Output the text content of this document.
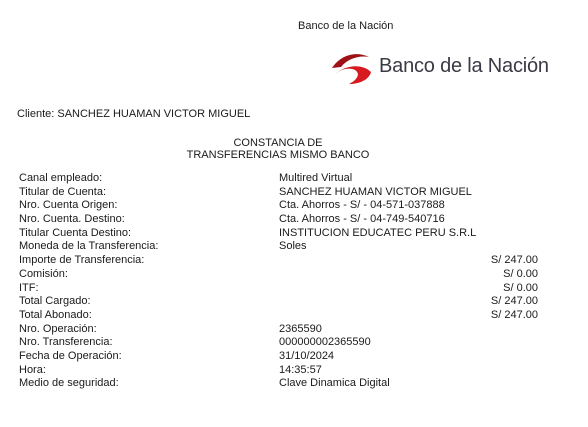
Banco de la Nación
Banco de la Nación
Cliente: SANCHEZ HUAMAN VICTOR MIGUEL
CONSTANCIA DE
TRANSFERENCIAS MISMO BANCO
Canal empleado:	Multired Virtual
Titular de Cuenta:	SANCHEZ HUAMAN VICTOR MIGUEL
Nro. Cuenta Origen:	Cta. Ahorros - S/ - 04-571-037888
Nro. Cuenta. Destino:	Cta. Ahorros - S/ - 04-749-540716
Titular Cuenta Destino:	INSTITUCION EDUCATEC PERU S.R.L
Moneda de la Transferencia:	Soles
Importe de Transferencia:	S/ 247.00
Comisión:	S/ 0.00
ITF:	S/ 0.00
Total Cargado:	S/ 247.00
Total Abonado:	S/ 247.00
Nro. Operación:	2365590
Nro. Transferencia:	000000002365590
Fecha de Operación:	31/10/2024
Hora:	14:35:57
Medio de seguridad:	Clave Dinamica Digital
